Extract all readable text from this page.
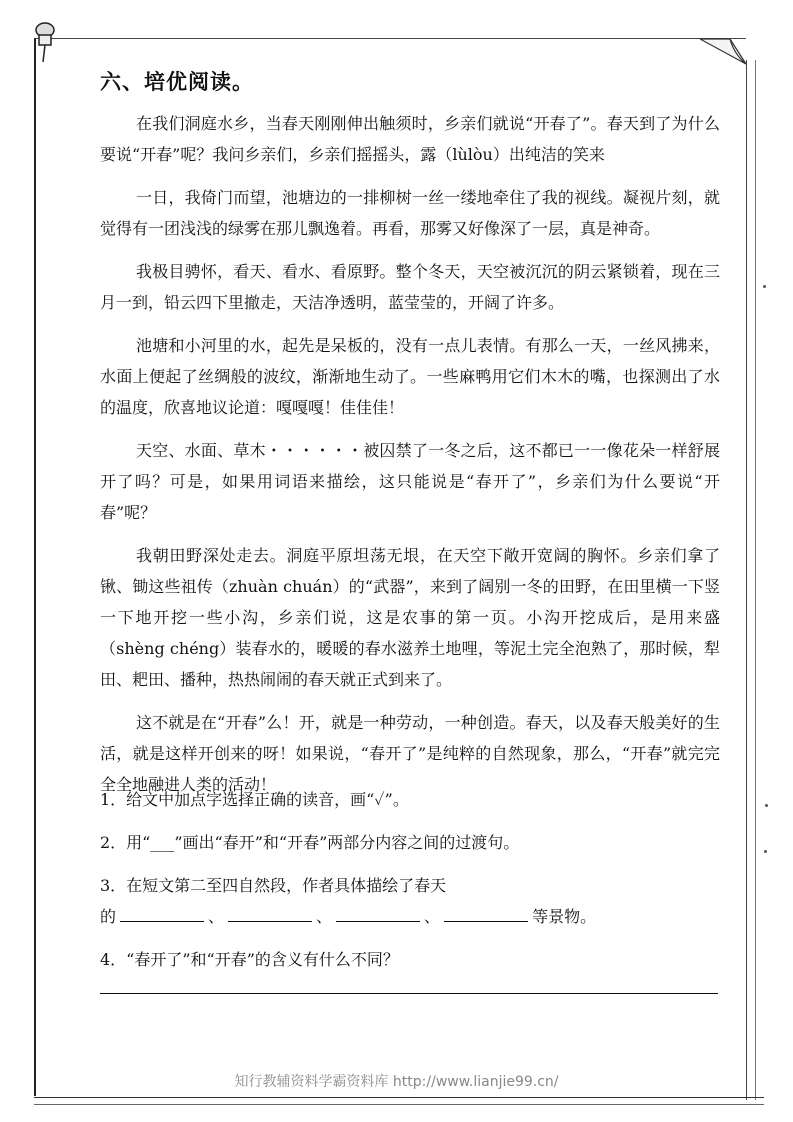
六、培优阅读。

在我们洞庭水乡，当春天刚刚伸出触须时，乡亲们就说“开春了”。春天到了为什么要说“开春”呢？我问乡亲们，乡亲们摇摇头，露（lùlòu）出纯洁的笑来

一日，我倚门而望，池塘边的一排柳树一丝一缕地牵住了我的视线。凝视片刻，就觉得有一团浅浅的绿雾在那儿飘逸着。再看，那雾又好像深了一层，真是神奇。

我极目骋怀，看天、看水、看原野。整个冬天，天空被沉沉的阴云紧锁着，现在三月一到，铅云四下里撤走，天洁净透明，蓝莹莹的，开阔了许多。

池塘和小河里的水，起先是呆板的，没有一点儿表情。有那么一天，一丝风拂来，水面上便起了丝绸般的波纹，渐渐地生动了。一些麻鸭用它们木木的嘴，也探测出了水的温度，欣喜地议论道：嘎嘎嘎！佳佳佳！

天空、水面、草木・・・・・・被囚禁了一冬之后，这不都已一一像花朵一样舒展开了吗？可是，如果用词语来描绘，这只能说是“春开了”，乡亲们为什么要说“开春”呢？

我朝田野深处走去。洞庭平原坦荡无垠，在天空下敞开宽阔的胸怀。乡亲们拿了锹、锄这些祖传（zhuàn chuán）的“武器”，来到了阔别一冬的田野，在田里横一下竖一下地开挖一些小沟，乡亲们说，这是农事的第一页。小沟开挖成后，是用来盛（shèng chéng）装春水的，暖暖的春水滋养土地哩，等泥土完全泡熟了，那时候，犁田、耙田、播种，热热闹闹的春天就正式到来了。

这不就是在“开春”么！开，就是一种劳动，一种创造。春天，以及春天般美好的生活，就是这样开创来的呀！如果说，“春开了”是纯粹的自然现象，那么，“开春”就完完全全地融进人类的活动！

1．给文中加点字选择正确的读音，画“✓”。

2．用“___”画出“春开”和“开春”两部分内容之间的过渡句。

3．在短文第二至四自然段，作者具体描绘了春天
的	、	、	、	等景物。

4．“春开了”和“开春”的含义有什么不同？

知行教辅资料学霸资料库 http://www.lianjie99.cn/
